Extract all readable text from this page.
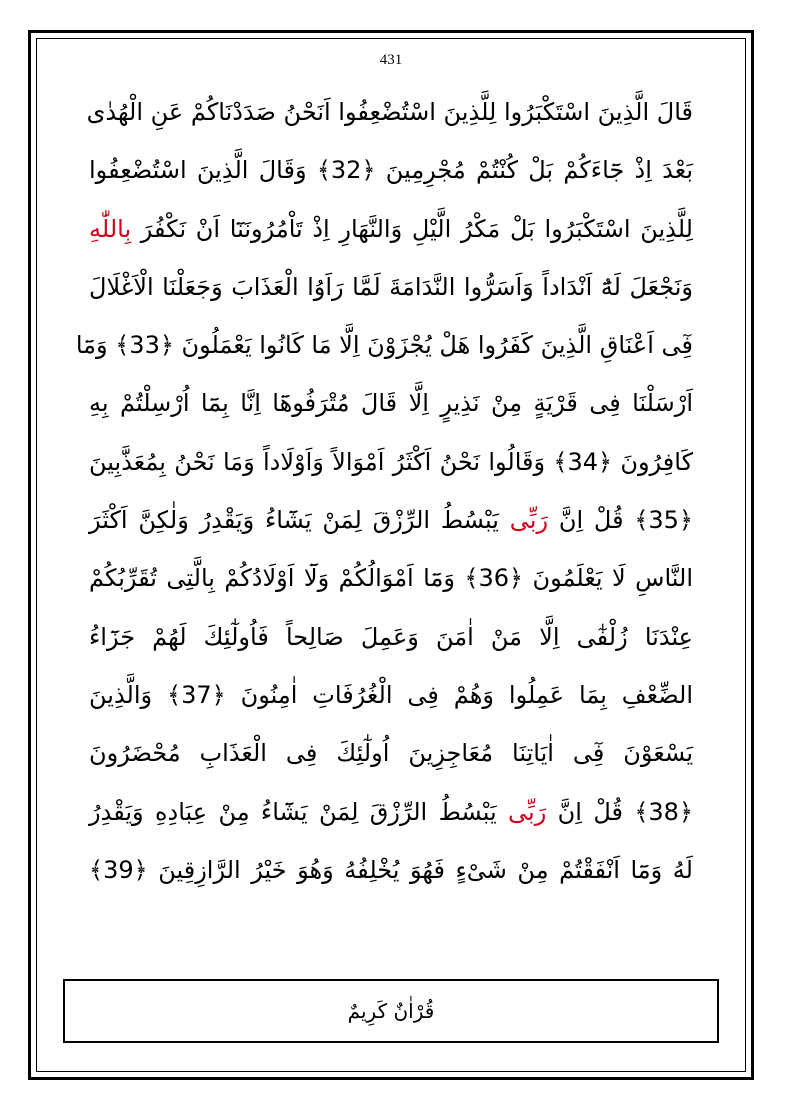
431
قَالَ الَّذِينَ اسْتَكْبَرُوا لِلَّذِينَ اسْتُضْعِفُوا اَنَحْنُ صَدَدْنَاكُمْ عَنِ الْهُدٰى
بَعْدَ اِذْ جَٓاءَكُمْ بَلْ كُنْتُمْ مُجْرِمِينَ ﴿32﴾ وَقَالَ الَّذِينَ اسْتُضْعِفُوا
لِلَّذِينَ اسْتَكْبَرُوا بَلْ مَكْرُ الَّيْلِ وَالنَّهَارِ اِذْ تَاْمُرُونَنَٓا اَنْ نَكْفُرَ بِاللّٰهِ
وَنَجْعَلَ لَهُٓ اَنْدَاداً وَاَسَرُّوا النَّدَامَةَ لَمَّا رَاَوُا الْعَذَابَ وَجَعَلْنَا الْاَغْلَالَ
فِٓى اَعْنَاقِ الَّذِينَ كَفَرُوا هَلْ يُجْزَوْنَ اِلَّا مَا كَانُوا يَعْمَلُونَ ﴿33﴾ وَمَٓا
اَرْسَلْنَا فِى قَرْيَةٍ مِنْ نَذِيرٍ اِلَّا قَالَ مُتْرَفُوهَٓا اِنَّا بِمَٓا اُرْسِلْتُمْ بِهِ
كَافِرُونَ ﴿34﴾ وَقَالُوا نَحْنُ اَكْثَرُ اَمْوَالاً وَاَوْلَاداً وَمَا نَحْنُ بِمُعَذَّبِينَ
﴿35﴾ قُلْ اِنَّ رَبِّى يَبْسُطُ الرِّزْقَ لِمَنْ يَشَٓاءُ وَيَقْدِرُ وَلٰكِنَّ اَكْثَرَ
النَّاسِ لَا يَعْلَمُونَ ﴿36﴾ وَمَٓا اَمْوَالُكُمْ وَلَٓا اَوْلَادُكُمْ بِالَّتِى تُقَرِّبُكُمْ
عِنْدَنَا زُلْفٰٓى اِلَّا مَنْ اٰمَنَ وَعَمِلَ صَالِحاً فَاُولٰٓئِكَ لَهُمْ جَزَٓاءُ
الضِّعْفِ بِمَا عَمِلُوا وَهُمْ فِى الْغُرُفَاتِ اٰمِنُونَ ﴿37﴾ وَالَّذِينَ
يَسْعَوْنَ فِٓى اٰيَاتِنَا مُعَاجِزِينَ اُولٰٓئِكَ فِى الْعَذَابِ مُحْضَرُونَ
﴿38﴾ قُلْ اِنَّ رَبِّى يَبْسُطُ الرِّزْقَ لِمَنْ يَشَٓاءُ مِنْ عِبَادِهِ وَيَقْدِرُ
لَهُ وَمَٓا اَنْفَقْتُمْ مِنْ شَیْءٍ فَهُوَ يُخْلِفُهُ وَهُوَ خَيْرُ الرَّازِقِينَ ﴿39﴾
قُرْاٰنٌ كَرِيمٌ
